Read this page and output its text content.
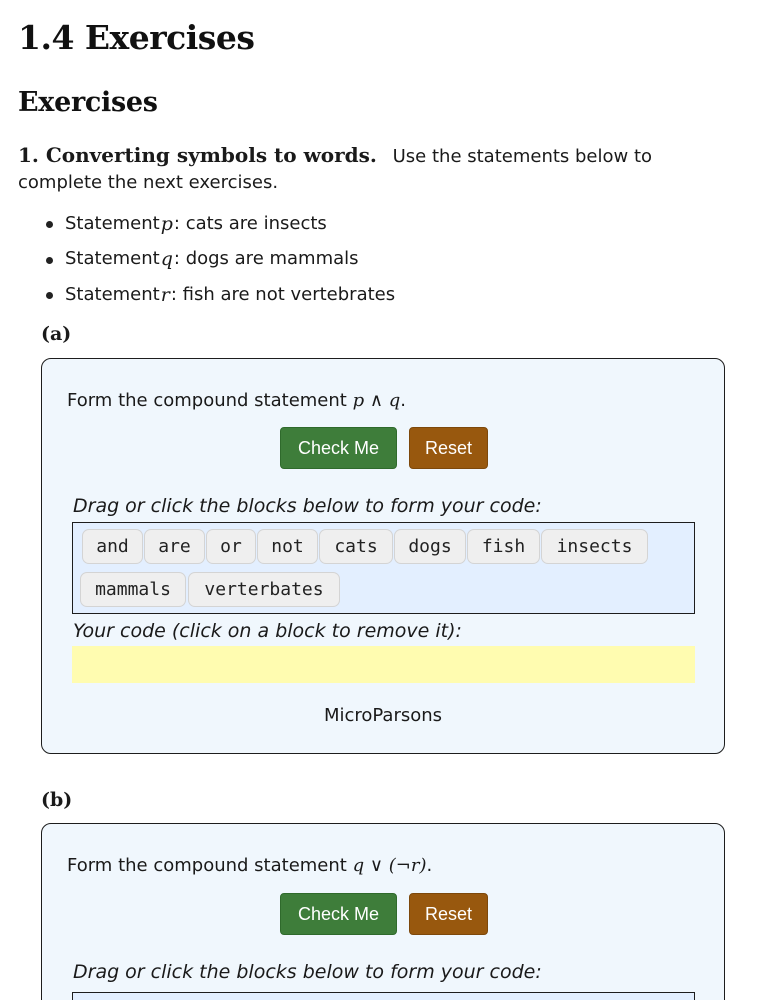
1.4 Exercises
Exercises
1. Converting symbols to words. Use the statements below to complete the next exercises.
Statement p : cats are insects
Statement q : dogs are mammals
Statement r : fish are not vertebrates
(a)
Form the compound statement p ∧ q.
Check Me	Reset
Drag or click the blocks below to form your code:
and	are	or	not	cats	dogs	fish	insects
mammals	verterbates
Your code (click on a block to remove it):
MicroParsons
(b)
Form the compound statement q ∨ (¬r).
Check Me	Reset
Drag or click the blocks below to form your code:
